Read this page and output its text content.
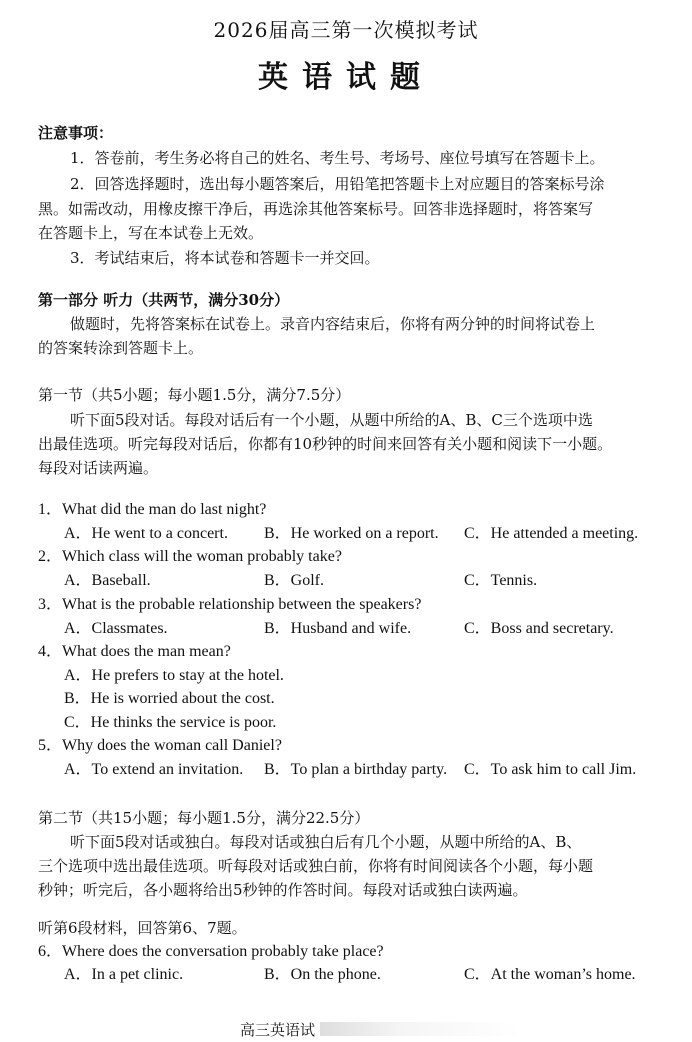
2026届高三第一次模拟考试
英语试题
注意事项：
1．答卷前，考生务必将自己的姓名、考生号、考场号、座位号填写在答题卡上。
2．回答选择题时，选出每小题答案后，用铅笔把答题卡上对应题目的答案标号涂
黑。如需改动，用橡皮擦干净后，再选涂其他答案标号。回答非选择题时，将答案写
在答题卡上，写在本试卷上无效。
3．考试结束后，将本试卷和答题卡一并交回。
第一部分 听力（共两节，满分30分）
做题时，先将答案标在试卷上。录音内容结束后，你将有两分钟的时间将试卷上
的答案转涂到答题卡上。
第一节（共5小题；每小题1.5分，满分7.5分）
听下面5段对话。每段对话后有一个小题，从题中所给的A、B、C三个选项中选
出最佳选项。听完每段对话后，你都有10秒钟的时间来回答有关小题和阅读下一小题。
每段对话读两遍。
1．What did the man do last night?
A．He went to a concert. B．He worked on a report. C．He attended a meeting.
2．Which class will the woman probably take?
A．Baseball.	B．Golf.	C．Tennis.
3．What is the probable relationship between the speakers?
A．Classmates.	B．Husband and wife.	C．Boss and secretary.
4．What does the man mean?
A．He prefers to stay at the hotel.
B．He is worried about the cost.
C．He thinks the service is poor.
5．Why does the woman call Daniel?
A．To extend an invitation. B．To plan a birthday party. C．To ask him to call Jim.
第二节（共15小题；每小题1.5分，满分22.5分）
听下面5段对话或独白。每段对话或独白后有几个小题，从题中所给的A、B、
三个选项中选出最佳选项。听每段对话或独白前，你将有时间阅读各个小题，每小题
秒钟；听完后，各小题将给出5秒钟的作答时间。每段对话或独白读两遍。
听第6段材料，回答第6、7题。
6．Where does the conversation probably take place?
A．In a pet clinic.	B．On the phone.	C．At the woman’s home.
高三英语试
